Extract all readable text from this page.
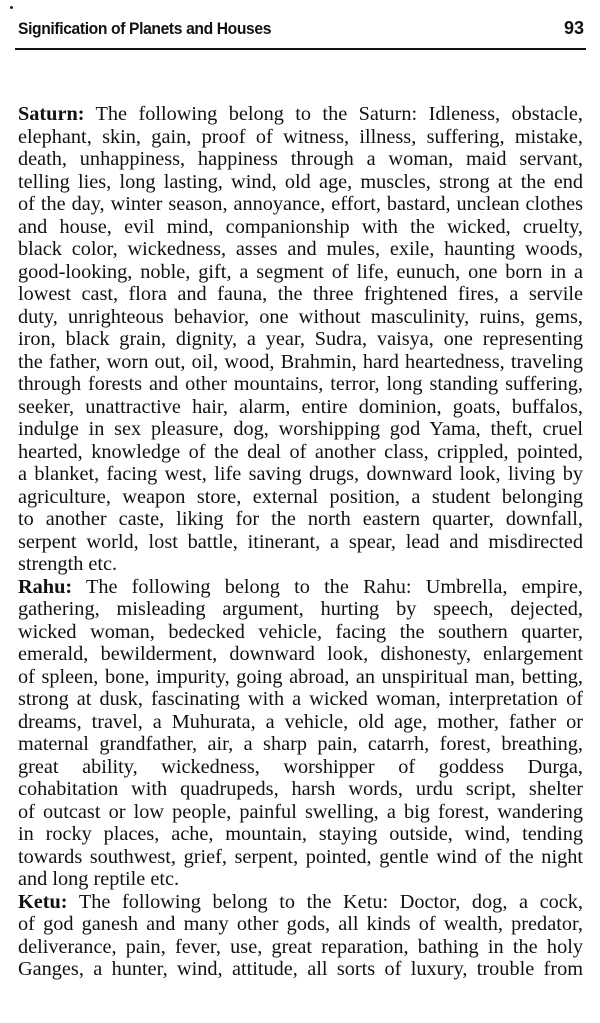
Signification of Planets and Houses	93
Saturn: The following belong to the Saturn: Idleness, obstacle,
elephant, skin, gain, proof of witness, illness, suffering, mistake,
death, unhappiness, happiness through a woman, maid servant,
telling lies, long lasting, wind, old age, muscles, strong at the end
of the day, winter season, annoyance, effort, bastard, unclean clothes
and house, evil mind, companionship with the wicked, cruelty,
black color, wickedness, asses and mules, exile, haunting woods,
good-looking, noble, gift, a segment of life, eunuch, one born in a
lowest cast, flora and fauna, the three frightened fires, a servile
duty, unrighteous behavior, one without masculinity, ruins, gems,
iron, black grain, dignity, a year, Sudra, vaisya, one representing
the father, worn out, oil, wood, Brahmin, hard heartedness, traveling
through forests and other mountains, terror, long standing suffering,
seeker, unattractive hair, alarm, entire dominion, goats, buffalos,
indulge in sex pleasure, dog, worshipping god Yama, theft, cruel
hearted, knowledge of the deal of another class, crippled, pointed,
a blanket, facing west, life saving drugs, downward look, living by
agriculture, weapon store, external position, a student belonging
to another caste, liking for the north eastern quarter, downfall,
serpent world, lost battle, itinerant, a spear, lead and misdirected
strength etc.
Rahu: The following belong to the Rahu: Umbrella, empire,
gathering, misleading argument, hurting by speech, dejected,
wicked woman, bedecked vehicle, facing the southern quarter,
emerald, bewilderment, downward look, dishonesty, enlargement
of spleen, bone, impurity, going abroad, an unspiritual man, betting,
strong at dusk, fascinating with a wicked woman, interpretation of
dreams, travel, a Muhurata, a vehicle, old age, mother, father or
maternal grandfather, air, a sharp pain, catarrh, forest, breathing,
great ability, wickedness, worshipper of goddess Durga,
cohabitation with quadrupeds, harsh words, urdu script, shelter
of outcast or low people, painful swelling, a big forest, wandering
in rocky places, ache, mountain, staying outside, wind, tending
towards southwest, grief, serpent, pointed, gentle wind of the night
and long reptile etc.
Ketu: The following belong to the Ketu: Doctor, dog, a cock,
of god ganesh and many other gods, all kinds of wealth, predator,
deliverance, pain, fever, use, great reparation, bathing in the holy
Ganges, a hunter, wind, attitude, all sorts of luxury, trouble from
